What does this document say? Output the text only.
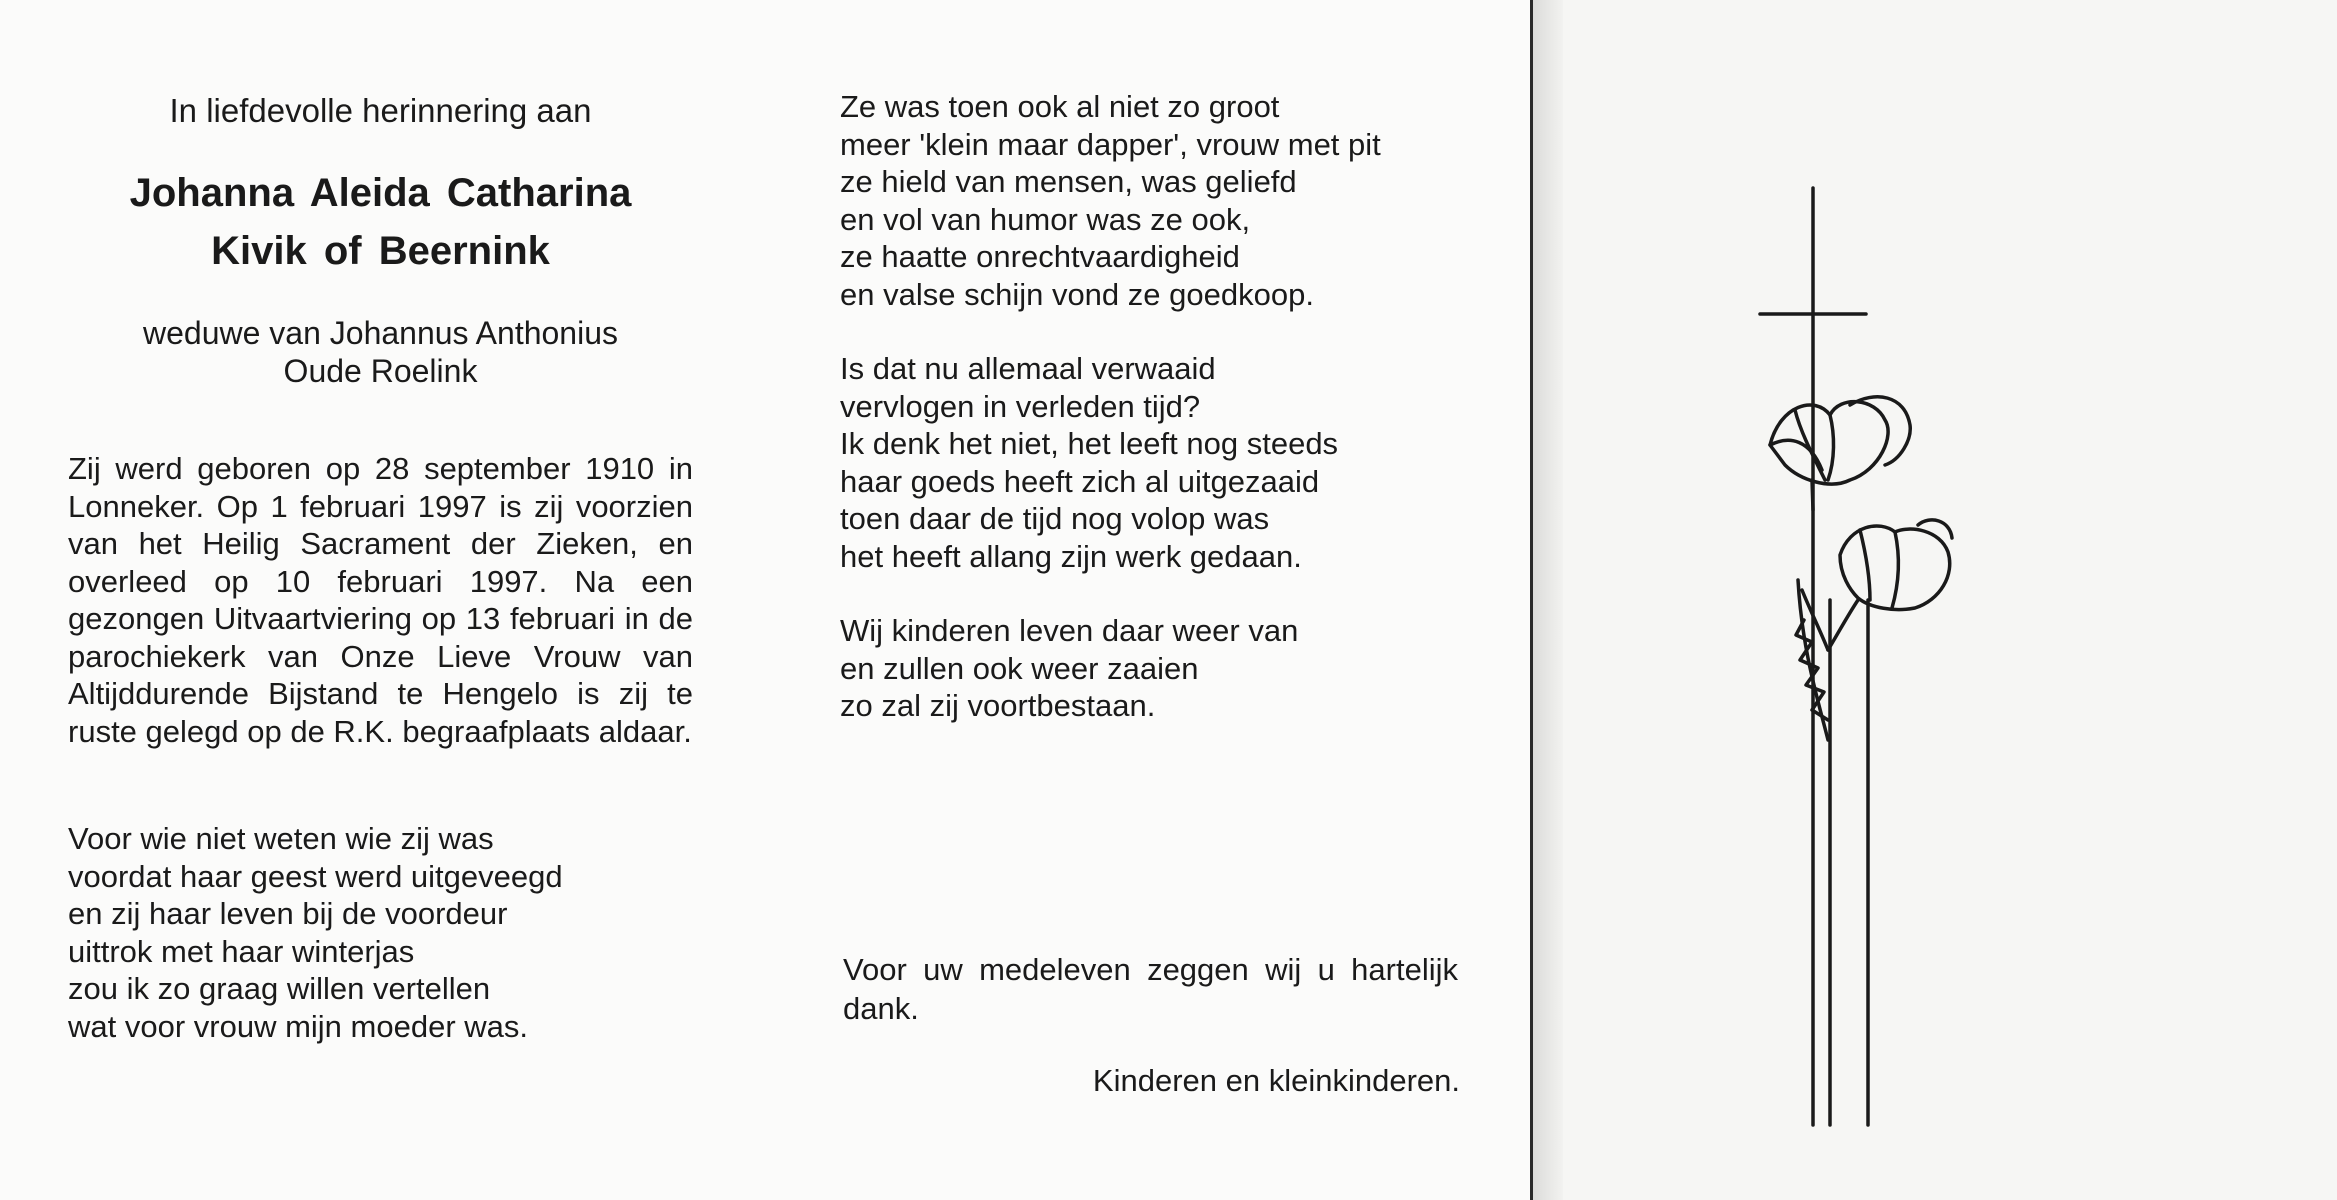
In liefdevolle herinnering aan

Johanna Aleida Catharina
Kivik of Beernink
weduwe van Johannus Anthonius
Oude Roelink
Zij werd geboren op 28 september 1910 in Lonneker. Op 1 februari 1997 is zij voorzien van het Heilig Sacrament der Zieken, en overleed op 10 februari 1997. Na een gezongen Uitvaartviering op 13 februari in de parochiekerk van Onze Lieve Vrouw van Altijddurende Bijstand te Hengelo is zij te ruste gelegd op de R.K. begraafplaats aldaar.
Voor wie niet weten wie zij was
voordat haar geest werd uitgeveegd
en zij haar leven bij de voordeur
uittrok met haar winterjas
zou ik zo graag willen vertellen
wat voor vrouw mijn moeder was.
Ze was toen ook al niet zo groot
meer 'klein maar dapper', vrouw met pit
ze hield van mensen, was geliefd
en vol van humor was ze ook,
ze haatte onrechtvaardigheid
en valse schijn vond ze goedkoop.
Is dat nu allemaal verwaaid
vervlogen in verleden tijd?
Ik denk het niet, het leeft nog steeds
haar goeds heeft zich al uitgezaaid
toen daar de tijd nog volop was
het heeft allang zijn werk gedaan.
Wij kinderen leven daar weer van
en zullen ook weer zaaien
zo zal zij voortbestaan.
Voor uw medeleven zeggen wij u hartelijk dank.
Kinderen en kleinkinderen.
